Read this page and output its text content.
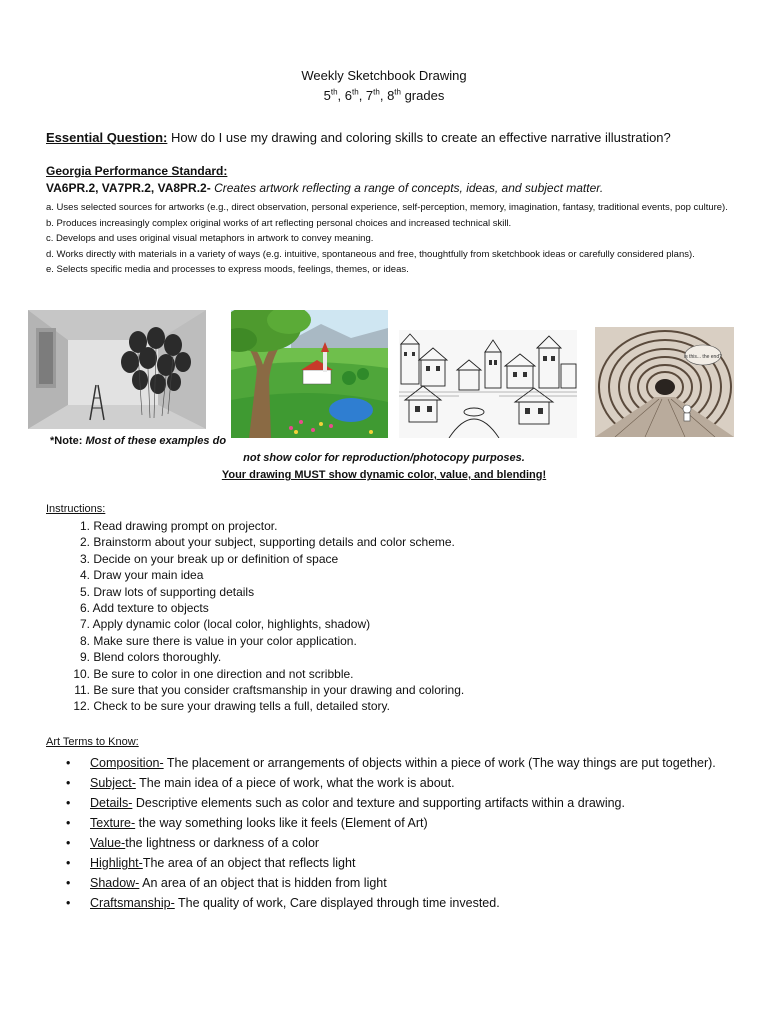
Weekly Sketchbook Drawing
5th, 6th, 7th, 8th grades
Essential Question: How do I use my drawing and coloring skills to create an effective narrative illustration?
Georgia Performance Standard:
VA6PR.2, VA7PR.2, VA8PR.2- Creates artwork reflecting a range of concepts, ideas, and subject matter.
a. Uses selected sources for artworks (e.g., direct observation, personal experience, self-perception, memory, imagination, fantasy, traditional events, pop culture).
b. Produces increasingly complex original works of art reflecting personal choices and increased technical skill.
c. Develops and uses original visual metaphors in artwork to convey meaning.
d. Works directly with materials in a variety of ways (e.g. intuitive, spontaneous and free, thoughtfully from sketchbook ideas or carefully considered plans).
e. Selects specific media and processes to express moods, feelings, themes, or ideas.
is this... the end?
*Note: Most of these examples do
not show color for reproduction/photocopy purposes.
Your drawing MUST show dynamic color, value, and blending!
Instructions:
1. Read drawing prompt on projector.
2. Brainstorm about your subject, supporting details and color scheme.
3. Decide on your break up or definition of space
4. Draw your main idea
5. Draw lots of supporting details
6. Add texture to objects
7. Apply dynamic color (local color, highlights, shadow)
8. Make sure there is value in your color application.
9. Blend colors thoroughly.
10. Be sure to color in one direction and not scribble.
11. Be sure that you consider craftsmanship in your drawing and coloring.
12. Check to be sure your drawing tells a full, detailed story.
Art Terms to Know:
• Composition- The placement or arrangements of objects within a piece of work (The way things are put together).
• Subject- The main idea of a piece of work, what the work is about.
• Details- Descriptive elements such as color and texture and supporting artifacts within a drawing.
• Texture- the way something looks like it feels (Element of Art)
• Value-the lightness or darkness of a color
• Highlight-The area of an object that reflects light
• Shadow- An area of an object that is hidden from light
• Craftsmanship- The quality of work, Care displayed through time invested.
